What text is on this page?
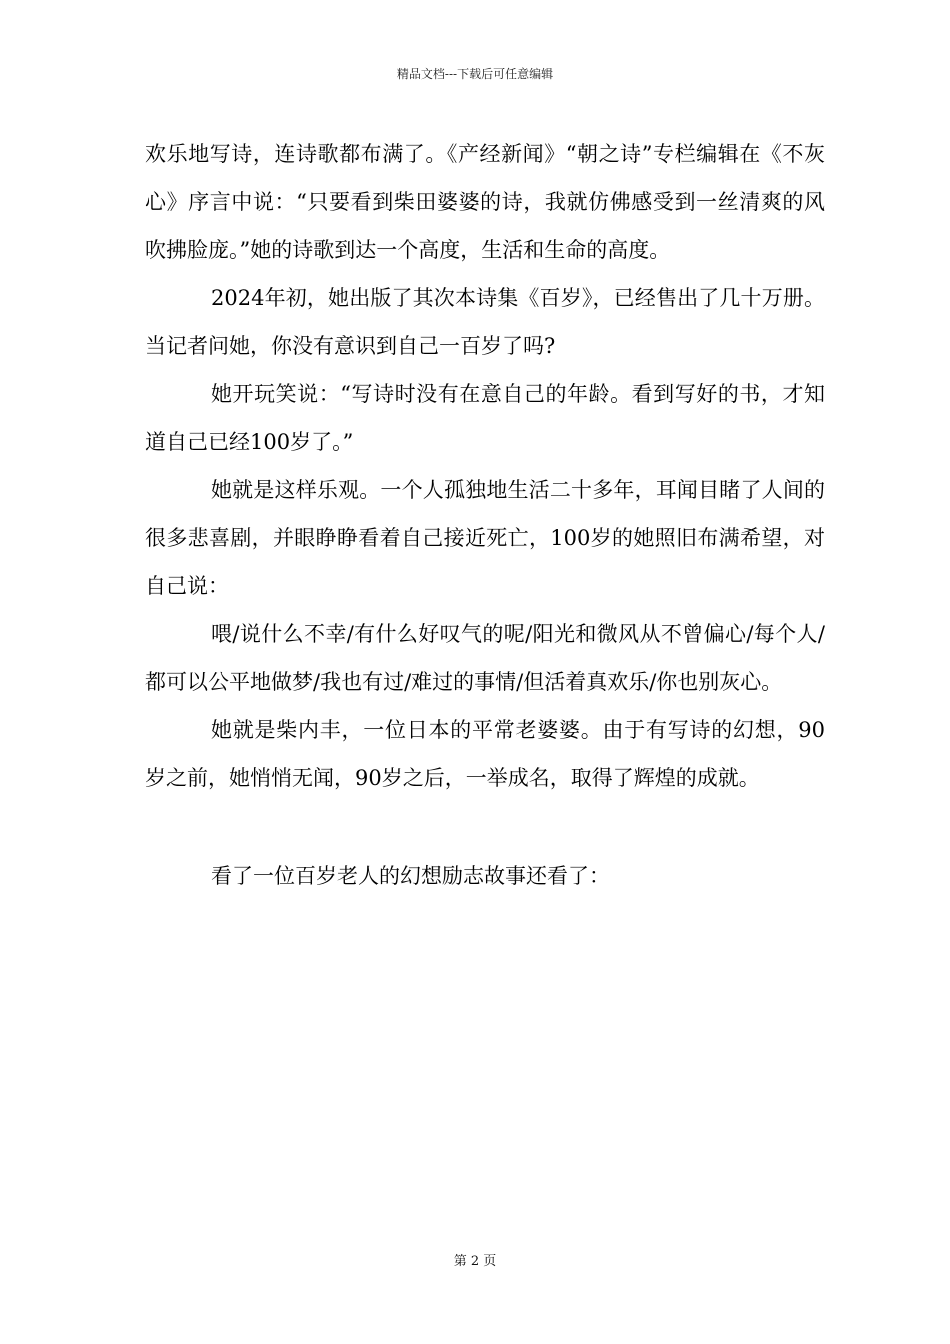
精品文档---下载后可任意编辑

欢乐地写诗，连诗歌都布满了。《产经新闻》“朝之诗”专栏编辑在《不灰心》序言中说：“只要看到柴田婆婆的诗，我就仿佛感受到一丝清爽的风吹拂脸庞。”她的诗歌到达一个高度，生活和生命的高度。

2024年初，她出版了其次本诗集《百岁》，已经售出了几十万册。当记者问她，你没有意识到自己一百岁了吗?

她开玩笑说：“写诗时没有在意自己的年龄。看到写好的书，才知道自己已经100岁了。”

她就是这样乐观。一个人孤独地生活二十多年，耳闻目睹了人间的很多悲喜剧，并眼睁睁看着自己接近死亡，100岁的她照旧布满希望，对自己说：

喂/说什么不幸/有什么好叹气的呢/阳光和微风从不曾偏心/每个人/都可以公平地做梦/我也有过/难过的事情/但活着真欢乐/你也别灰心。

她就是柴内丰，一位日本的平常老婆婆。由于有写诗的幻想，90岁之前，她悄悄无闻，90岁之后，一举成名，取得了辉煌的成就。

看了一位百岁老人的幻想励志故事还看了：

第 2 页
